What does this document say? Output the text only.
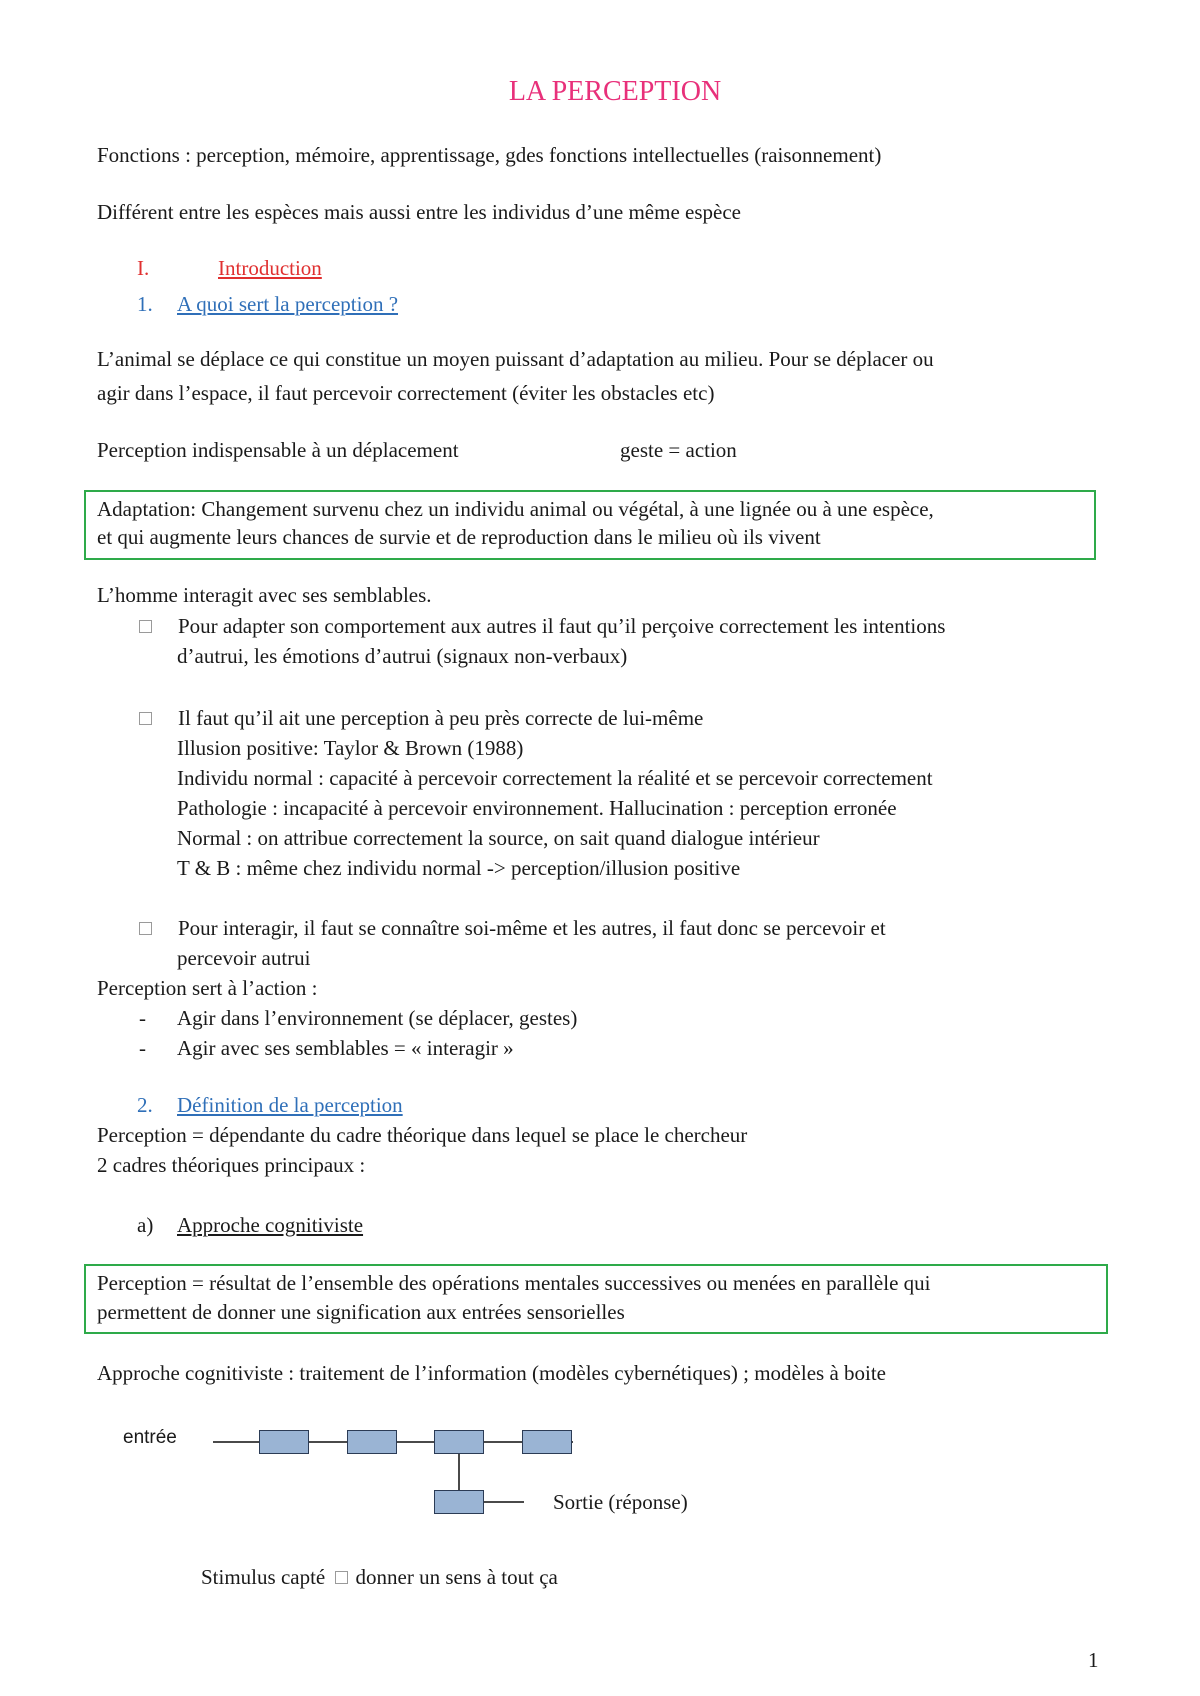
LA PERCEPTION
Fonctions : perception, mémoire, apprentissage, gdes fonctions intellectuelles (raisonnement)
Différent entre les espèces mais aussi entre les individus d’une même espèce
I.	Introduction
1. A quoi sert la perception ?
L’animal se déplace ce qui constitue un moyen puissant d’adaptation au milieu. Pour se déplacer ou
agir dans l’espace, il faut percevoir correctement (éviter les obstacles etc)
Perception indispensable à un déplacement	geste = action
Adaptation: Changement survenu chez un individu animal ou végétal, à une lignée ou à une espèce,
et qui augmente leurs chances de survie et de reproduction dans le milieu où ils vivent
L’homme interagit avec ses semblables.
Pour adapter son comportement aux autres il faut qu’il perçoive correctement les intentions
d’autrui, les émotions d’autrui (signaux non-verbaux)
Il faut qu’il ait une perception à peu près correcte de lui-même
Illusion positive: Taylor & Brown (1988)
Individu normal : capacité à percevoir correctement la réalité et se percevoir correctement
Pathologie : incapacité à percevoir environnement. Hallucination : perception erronée
Normal : on attribue correctement la source, on sait quand dialogue intérieur
T & B : même chez individu normal -> perception/illusion positive
Pour interagir, il faut se connaître soi-même et les autres, il faut donc se percevoir et
percevoir autrui
Perception sert à l’action :
- Agir dans l’environnement (se déplacer, gestes)
- Agir avec ses semblables = « interagir »
2. Définition de la perception
Perception = dépendante du cadre théorique dans lequel se place le chercheur
2 cadres théoriques principaux :
a) Approche cognitiviste
Perception = résultat de l’ensemble des opérations mentales successives ou menées en parallèle qui
permettent de donner une signification aux entrées sensorielles
Approche cognitiviste : traitement de l’information (modèles cybernétiques) ; modèles à boite
entrée
Sortie (réponse)
Stimulus capté donner un sens à tout ça
1
